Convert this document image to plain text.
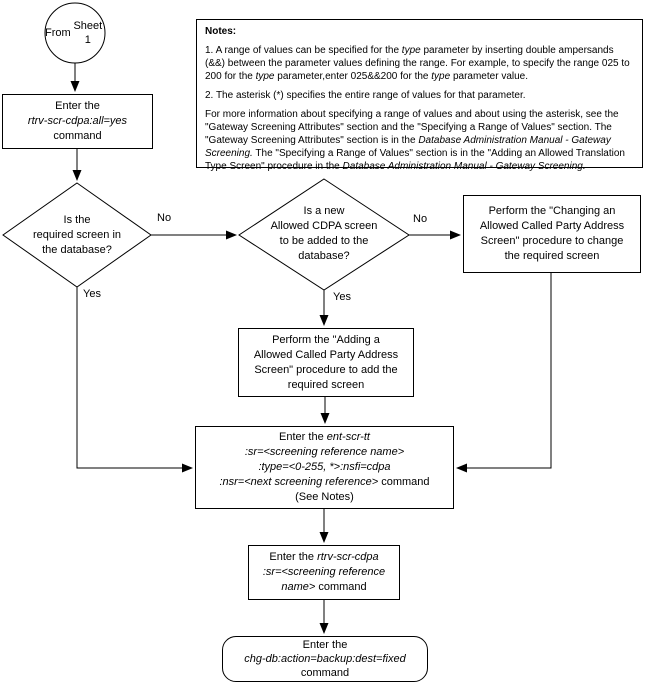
From

Sheet 1
Enter the
rtrv-scr-cdpa:all=yes
command
Notes:

1. A range of values can be specified for the type parameter by inserting double ampersands (&&) between the parameter values defining the range. For example, to specify the range 025 to 200 for the type parameter,enter 025&&200 for the type parameter value.

2. The asterisk (*) specifies the entire range of values for that parameter.

For more information about specifying a range of values and about using the asterisk, see the "Gateway Screening Attributes" section and the "Specifying a Range of Values" section. The "Gateway Screening Attributes" section is in the Database Administration Manual - Gateway Screening. The "Specifying a Range of Values" section is in the "Adding an Allowed Translation Type Screen" procedure in the Database Administration Manual - Gateway Screening.

Is the
required screen in
the database?
Is a new
Allowed CDPA screen
to be added to the
database?
No	No
Yes	Yes
Perform the "Changing an
Allowed Called Party Address
Screen" procedure to change
the required screen
Perform the "Adding a
Allowed Called Party Address
Screen" procedure to add the
required screen
Enter the ent-scr-tt
:sr=<screening reference name>
:type=<0-255, *>:nsfi=cdpa
:nsr=<next screening reference> command
(See Notes)
Enter the rtrv-scr-cdpa
:sr=<screening reference
name> command
Enter the
chg-db:action=backup:dest=fixed
command
